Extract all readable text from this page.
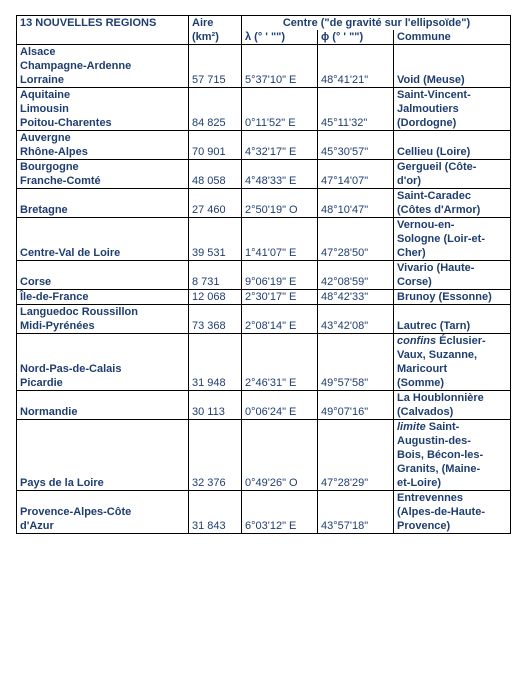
13 NOUVELLES REGIONS	Aire	Centre ("de gravité sur l'ellipsoïde")		
	(km²)	λ (° ' "")	ϕ (° ' "")	Commune

Alsace
Champagne-Ardenne
Lorraine	57 715	5°37'10" E	48°41'21"	Void (Meuse)

Aquitaine
Limousin
Poitou-Charentes	84 825	0°11'52" E	45°11'32"	Saint-Vincent-
Jalmoutiers
(Dordogne)

Auvergne
Rhône-Alpes	70 901	4°32'17" E	45°30'57"	Cellieu (Loire)

Bourgogne
Franche-Comté	48 058	4°48'33" E	47°14'07"	Gergueil (Côte-
d'or)

Bretagne	27 460	2°50'19" O	48°10'47"	Saint-Caradec
(Côtes d'Armor)

Centre-Val de Loire	39 531	1°41'07" E	47°28'50"	Vernou-en-
Sologne (Loir-et-
Cher)

Corse	8 731	9°06'19" E	42°08'59"	Vivario (Haute-
Corse)

Île-de-France	12 068	2°30'17" E	48°42'33"	Brunoy (Essonne)

Languedoc Roussillon
Midi-Pyrénées	73 368	2°08'14" E	43°42'08"	Lautrec (Tarn)

Nord-Pas-de-Calais
Picardie	31 948	2°46'31" E	49°57'58"	confins Éclusier-
Vaux, Suzanne,
Maricourt
(Somme)

Normandie	30 113	0°06'24" E	49°07'16"	La Houblonnière
(Calvados)

Pays de la Loire	32 376	0°49'26" O	47°28'29"	limite Saint-
Augustin-des-
Bois, Bécon-les-
Granits, (Maine-
et-Loire)

Provence-Alpes-Côte
d'Azur	31 843	6°03'12" E	43°57'18"	Entrevennes
(Alpes-de-Haute-
Provence)
